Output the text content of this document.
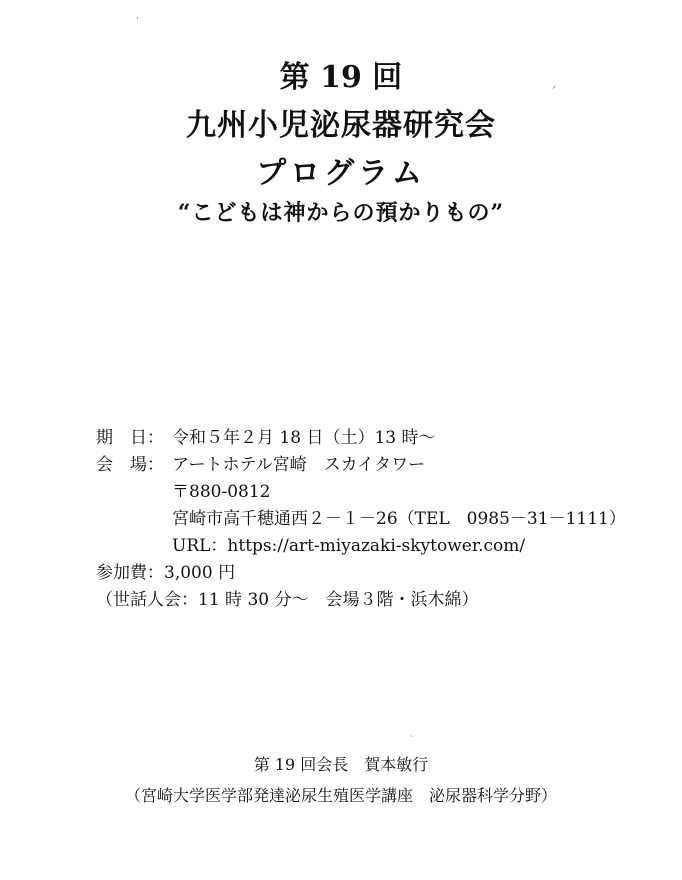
第 19 回
九州小児泌尿器研究会
プログラム
“こどもは神からの預かりもの”
期　日： 令和５年２月 18 日（土）13 時～
会　場： アートホテル宮崎　スカイタワー
〒880-0812
宮崎市高千穂通西２－１－26（TEL　0985－31－1111）
URL：https://art-miyazaki-skytower.com/
参加費： 3,000 円
（世話人会：11 時 30 分～　会場３階・浜木綿）
第 19 回会長　賀本敏行
（宮崎大学医学部発達泌尿生殖医学講座　泌尿器科学分野）
·
⸝
·
